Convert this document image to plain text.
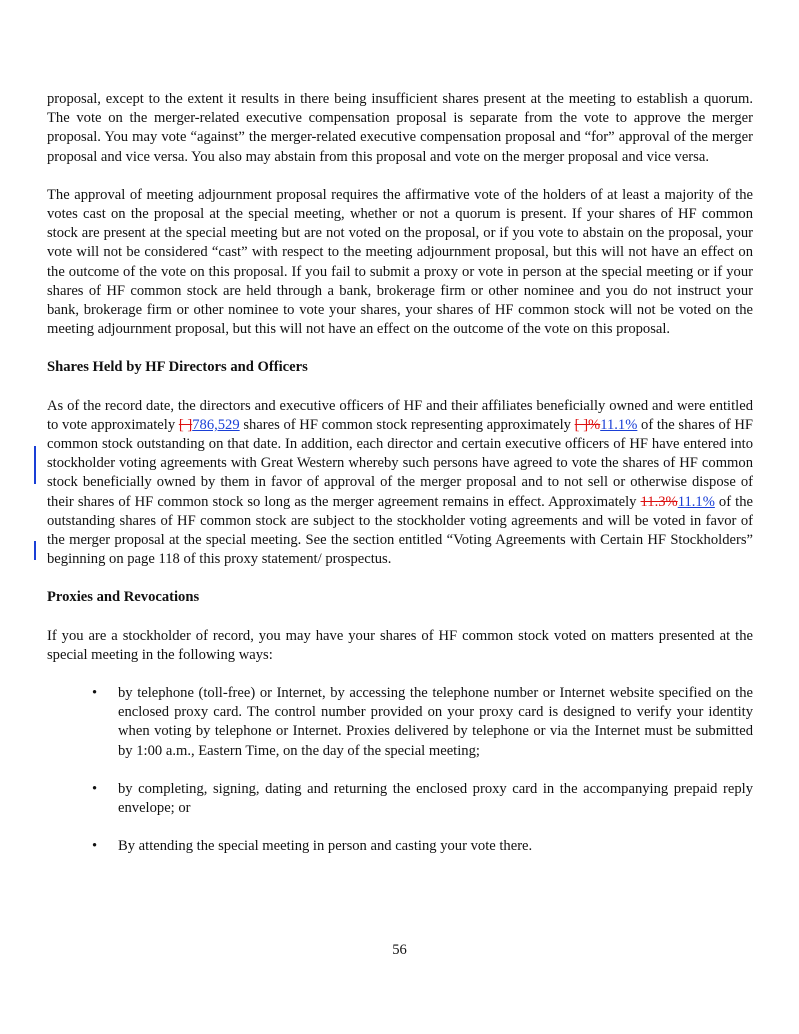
proposal, except to the extent it results in there being insufficient shares present at the meeting to establish a quorum. The vote on the merger-related executive compensation proposal is separate from the vote to approve the merger proposal. You may vote “against” the merger-related executive compensation proposal and “for” approval of the merger proposal and vice versa. You also may abstain from this proposal and vote on the merger proposal and vice versa.

The approval of meeting adjournment proposal requires the affirmative vote of the holders of at least a majority of the votes cast on the proposal at the special meeting, whether or not a quorum is present. If your shares of HF common stock are present at the special meeting but are not voted on the proposal, or if you vote to abstain on the proposal, your vote will not be considered “cast” with respect to the meeting adjournment proposal, but this will not have an effect on the outcome of the vote on this proposal. If you fail to submit a proxy or vote in person at the special meeting or if your shares of HF common stock are held through a bank, brokerage firm or other nominee and you do not instruct your bank, brokerage firm or other nominee to vote your shares, your shares of HF common stock will not be voted on the meeting adjournment proposal, but this will not have an effect on the outcome of the vote on this proposal.

Shares Held by HF Directors and Officers

As of the record date, the directors and executive officers of HF and their affiliates beneficially owned and were entitled to vote approximately [ ]786,529 shares of HF common stock representing approximately [ ]%11.1% of the shares of HF common stock outstanding on that date. In addition, each director and certain executive officers of HF have entered into stockholder voting agreements with Great Western whereby such persons have agreed to vote the shares of HF common stock beneficially owned by them in favor of approval of the merger proposal and to not sell or otherwise dispose of their shares of HF common stock so long as the merger agreement remains in effect. Approximately 11.3%11.1% of the outstanding shares of HF common stock are subject to the stockholder voting agreements and will be voted in favor of the merger proposal at the special meeting. See the section entitled “Voting Agreements with Certain HF Stockholders” beginning on page 118 of this proxy statement/ prospectus.

Proxies and Revocations

If you are a stockholder of record, you may have your shares of HF common stock voted on matters presented at the special meeting in the following ways:

• by telephone (toll-free) or Internet, by accessing the telephone number or Internet website specified on the enclosed proxy card. The control number provided on your proxy card is designed to verify your identity when voting by telephone or Internet. Proxies delivered by telephone or via the Internet must be submitted by 1:00 a.m., Eastern Time, on the day of the special meeting;
• by completing, signing, dating and returning the enclosed proxy card in the accompanying prepaid reply envelope; or
• By attending the special meeting in person and casting your vote there.
56
